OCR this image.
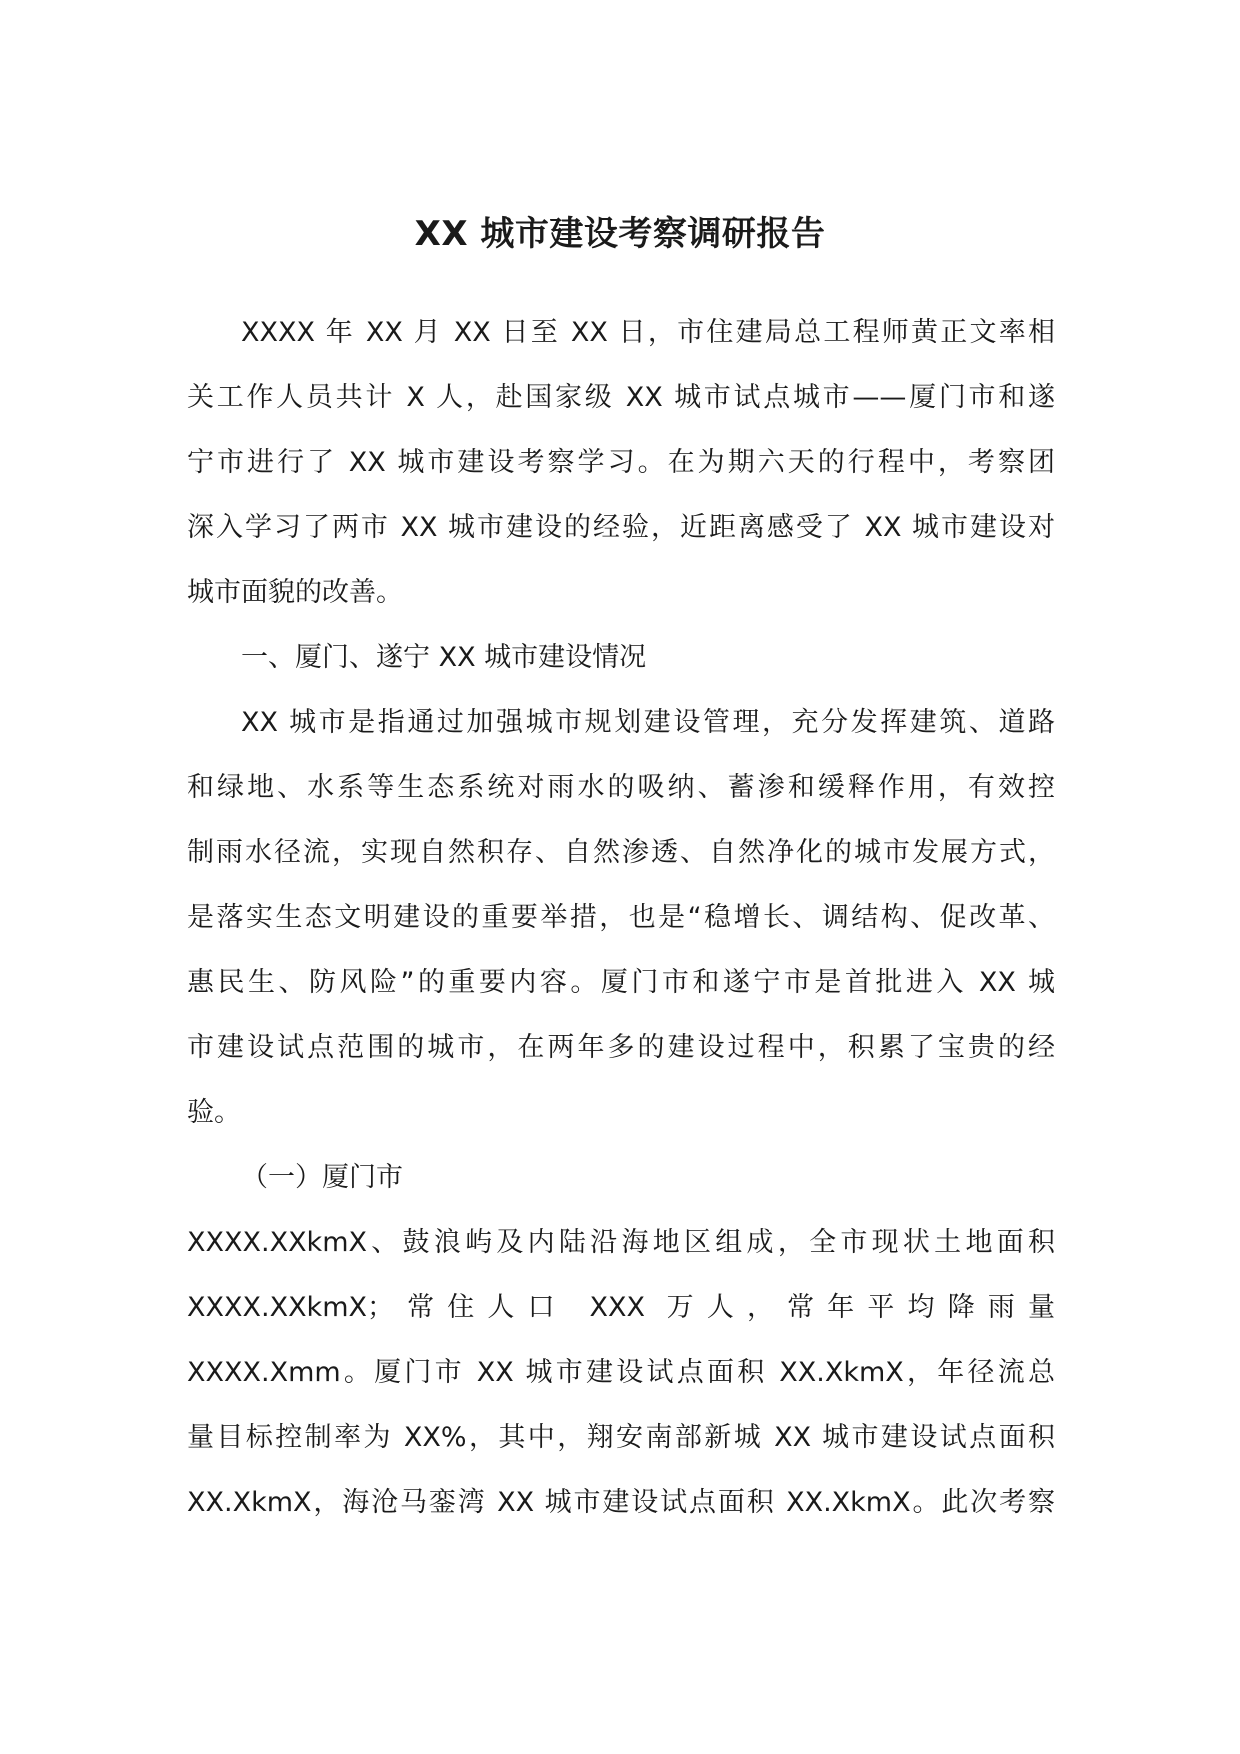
XX 城市建设考察调研报告

XXXX 年 XX 月 XX 日至 XX 日，市住建局总工程师黄正文率相
关工作人员共计 X 人，赴国家级 XX 城市试点城市——厦门市和遂
宁市进行了 XX 城市建设考察学习。在为期六天的行程中，考察团
深入学习了两市 XX 城市建设的经验，近距离感受了 XX 城市建设对
城市面貌的改善。

一、厦门、遂宁 XX 城市建设情况

XX 城市是指通过加强城市规划建设管理，充分发挥建筑、道路
和绿地、水系等生态系统对雨水的吸纳、蓄渗和缓释作用，有效控
制雨水径流，实现自然积存、自然渗透、自然净化的城市发展方式，
是落实生态文明建设的重要举措，也是“稳增长、调结构、促改革、
惠民生、防风险”的重要内容。厦门市和遂宁市是首批进入 XX 城
市建设试点范围的城市，在两年多的建设过程中，积累了宝贵的经
验。

（一）厦门市

XXXX.XXkmX、鼓浪屿及内陆沿海地区组成，全市现状土地面积
XXXX.XXkmX；常住人口 XXX 万人，常年平均降雨量
XXXX.Xmm。厦门市 XX 城市建设试点面积 XX.XkmX，年径流总
量目标控制率为 XX%，其中，翔安南部新城 XX 城市建设试点面积
XX.XkmX，海沧马銮湾 XX 城市建设试点面积 XX.XkmX。此次考察
